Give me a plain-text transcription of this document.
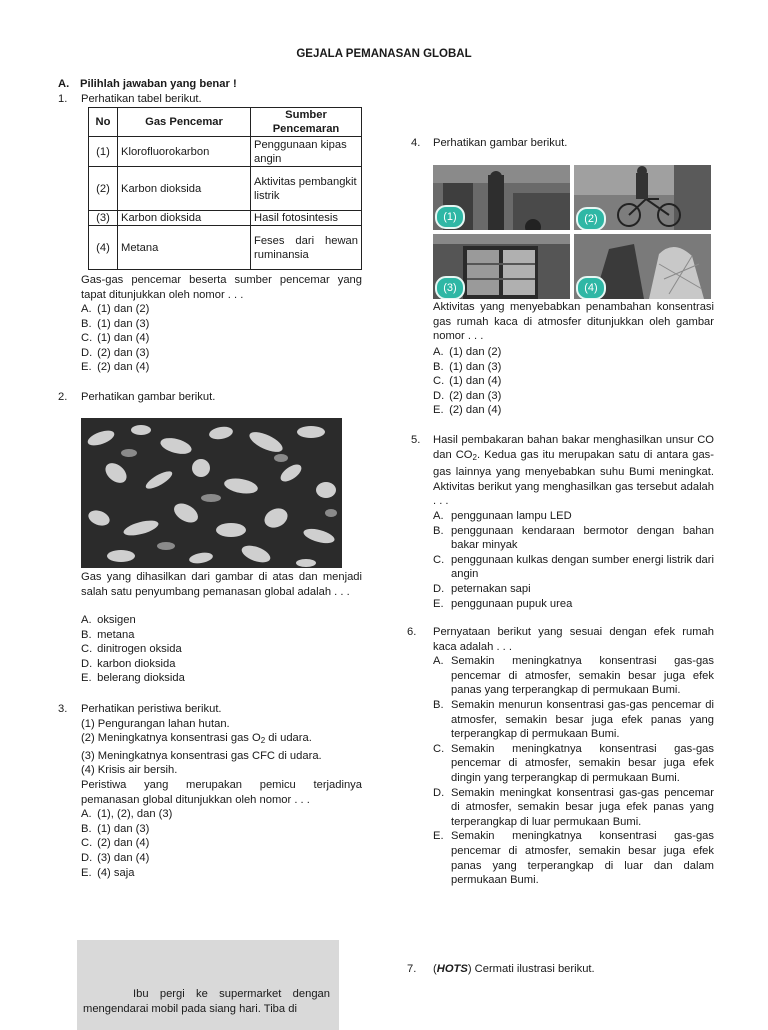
GEJALA PEMANASAN GLOBAL
A. Pilihlah jawaban yang benar !
1. Perhatikan tabel berikut.
No	Gas Pencemar	Sumber Pencemaran
(1)	Klorofluorokarbon	Penggunaan kipas angin
(2)	Karbon dioksida	Aktivitas pembangkit listrik
(3)	Karbon dioksida	Hasil fotosintesis
(4)	Metana	Feses dari hewan ruminansia
Gas-gas pencemar beserta sumber pencemar yang tapat ditunjukkan oleh nomor . . .
A. (1) dan (2)
B. (1) dan (3)
C. (1) dan (4)
D. (2) dan (3)
E. (2) dan (4)
2. Perhatikan gambar berikut.
Gas yang dihasilkan dari gambar di atas dan menjadi salah satu penyumbang pemanasan global adalah . . .
A. oksigen
B. metana
C. dinitrogen oksida
D. karbon dioksida
E. belerang dioksida
3. Perhatikan peristiwa berikut.
(1) Pengurangan lahan hutan.
(2) Meningkatnya konsentrasi gas $O_2$ di udara.
(3) Meningkatnya konsentrasi gas CFC di udara.
(4) Krisis air bersih.
Peristiwa yang merupakan pemicu terjadinya pemanasan global ditunjukkan oleh nomor . . .
A. (1), (2), dan (3)
B. (1) dan (3)
C. (2) dan (4)
D. (3) dan (4)
E. (4) saja
Ibu pergi ke supermarket dengan mengendarai mobil pada siang hari. Tiba di
4. Perhatikan gambar berikut.
(1)	(2)
(3)	(4)
Aktivitas yang menyebabkan penambahan konsentrasi gas rumah kaca di atmosfer ditunjukkan oleh gambar nomor . . .
A. (1) dan (2)
B. (1) dan (3)
C. (1) dan (4)
D. (2) dan (3)
E. (2) dan (4)
5. Hasil pembakaran bahan bakar menghasilkan unsur CO dan $CO_2$. Kedua gas itu merupakan satu di antara gas-gas lainnya yang menyebabkan suhu Bumi meningkat. Aktivitas berikut yang menghasilkan gas tersebut adalah . . .
A. penggunaan lampu LED
B. penggunaan kendaraan bermotor dengan bahan bakar minyak
C. penggunaan kulkas dengan sumber energi listrik dari angin
D. peternakan sapi
E. penggunaan pupuk urea
6. Pernyataan berikut yang sesuai dengan efek rumah kaca adalah . . .
A. Semakin meningkatnya konsentrasi gas-gas pencemar di atmosfer, semakin besar juga efek panas yang terperangkap di permukaan Bumi.
B. Semakin menurun konsentrasi gas-gas pencemar di atmosfer, semakin besar juga efek panas yang terperangkap di permukaan Bumi.
C. Semakin meningkatnya konsentrasi gas-gas pencemar di atmosfer, semakin besar juga efek dingin yang terperangkap di permukaan Bumi.
D. Semakin meningkat konsentrasi gas-gas pencemar di atmosfer, semakin besar juga efek panas yang terperangkap di luar permukaan Bumi.
E. Semakin meningkatnya konsentrasi gas-gas pencemar di atmosfer, semakin besar juga efek panas yang terperangkap di luar dan dalam permukaan Bumi.
7. (HOTS) Cermati ilustrasi berikut.
